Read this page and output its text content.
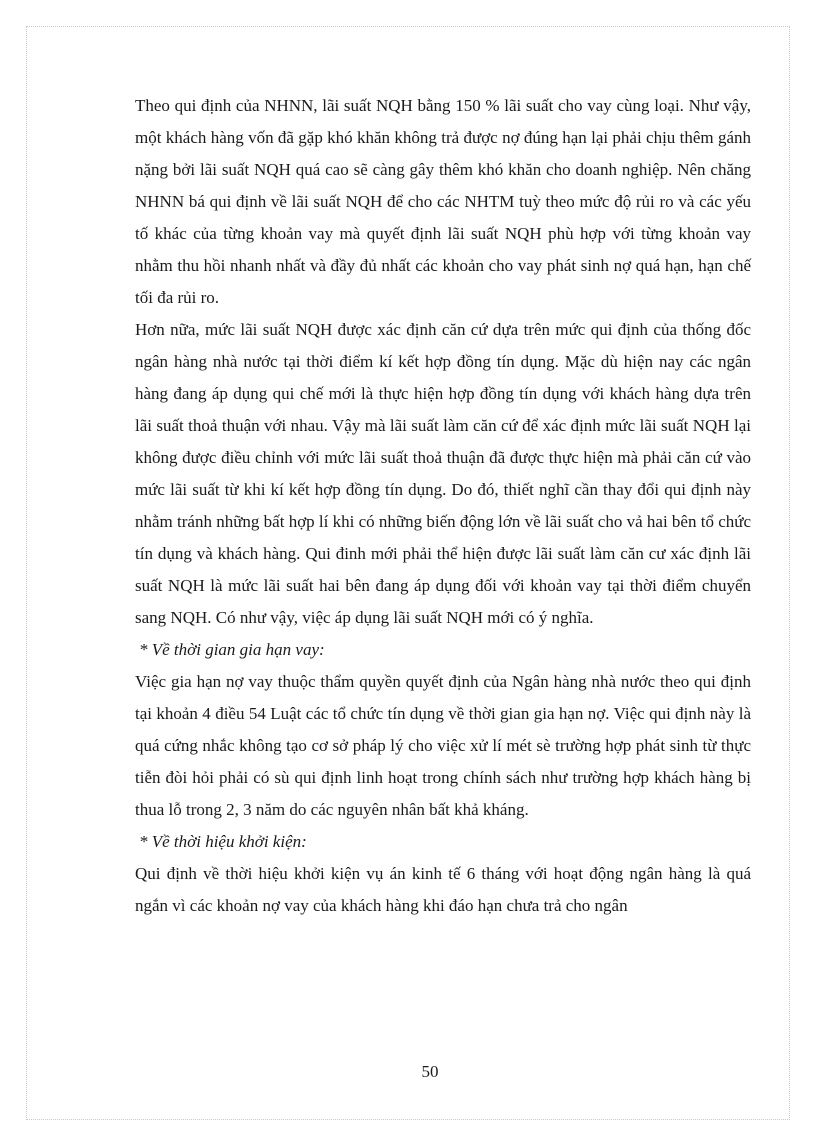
Theo qui định của NHNN, lãi suất NQH bằng 150 % lãi suất cho vay cùng loại. Như vậy, một khách hàng vốn đã gặp khó khăn không trả được nợ đúng hạn lại phải chịu thêm gánh nặng bởi lãi suất NQH quá cao sẽ càng gây thêm khó khăn cho doanh nghiệp. Nên chăng NHNN bá qui định về lãi suất NQH để cho các NHTM tuỳ theo mức độ rủi ro và các yếu tố khác của từng khoản vay mà quyết định lãi suất NQH phù hợp với từng khoản vay nhằm thu hồi nhanh nhất và đầy đủ nhất các khoản cho vay phát sinh nợ quá hạn, hạn chế tối đa rủi ro.

Hơn nữa, mức lãi suất NQH được xác định căn cứ dựa trên mức qui định của thống đốc ngân hàng nhà nước tại thời điểm kí kết hợp đồng tín dụng. Mặc dù hiện nay các ngân hàng đang áp dụng qui chế mới là thực hiện hợp đồng tín dụng với khách hàng dựa trên lãi suất thoả thuận với nhau. Vậy mà lãi suất làm căn cứ để xác định mức lãi suất NQH lại không được điều chỉnh với mức lãi suất thoả thuận đã được thực hiện mà phải căn cứ vào mức lãi suất từ khi kí kết hợp đồng tín dụng. Do đó, thiết nghĩ cần thay đổi qui định này nhằm tránh những bất hợp lí khi có những biến động lớn về lãi suất cho vả hai bên tổ chức tín dụng và khách hàng. Qui đinh mới phải thể hiện được lãi suất làm căn cư xác định lãi suất NQH là mức lãi suất hai bên đang áp dụng đối với khoản vay tại thời điểm chuyển sang NQH. Có như vậy, việc áp dụng lãi suất NQH mới có ý nghĩa.

* Về thời gian gia hạn vay:

Việc gia hạn nợ vay thuộc thẩm quyền quyết định của Ngân hàng nhà nước theo qui định tại khoản 4 điều 54 Luật các tổ chức tín dụng về thời gian gia hạn nợ. Việc qui định này là quá cứng nhắc không tạo cơ sở pháp lý cho việc xử lí mét sè trường hợp phát sinh từ thực tiễn đòi hỏi phải có sù qui định linh hoạt trong chính sách như trường hợp khách hàng bị thua lỗ trong 2, 3 năm do các nguyên nhân bất khả kháng.

* Về thời hiệu khởi kiện:

Qui định về thời hiệu khởi kiện vụ án kinh tế 6 tháng với hoạt động ngân hàng là quá ngắn vì các khoản nợ vay của khách hàng khi đáo hạn chưa trả cho ngân

50
